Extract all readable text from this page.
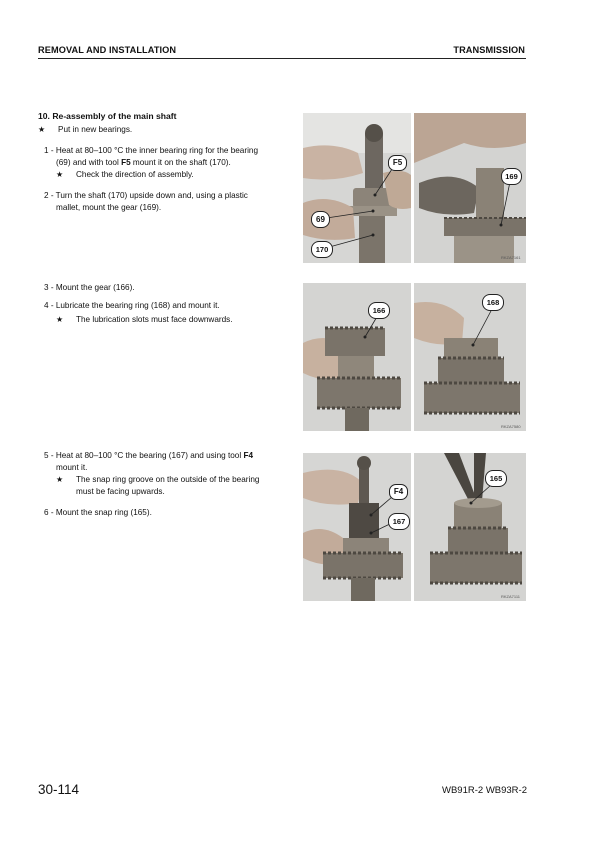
REMOVAL AND INSTALLATION	TRANSMISSION
10. Re-assembly of the main shaft
★ Put in new bearings.
1 - Heat at 80–100 °C the inner bearing ring for the bearing
(69) and with tool F5 mount it on the shaft (170).
★ Check the direction of assembly.
2 - Turn the shaft (170) upside down and, using a plastic
mallet, mount the gear (169).
3 - Mount the gear (166).
4 - Lubricate the bearing ring (168) and mount it.
★ The lubrication slots must face downwards.
5 - Heat at 80–100 °C the bearing (167) and using tool F4
mount it.
★ The snap ring groove on the outside of the bearing
must be facing upwards.
6 - Mount the snap ring (165).
F5
69
170
169
RKZA7161
166
168
RKZA7580
F4
167
165
RKZA7111
30-114	WB91R-2 WB93R-2
